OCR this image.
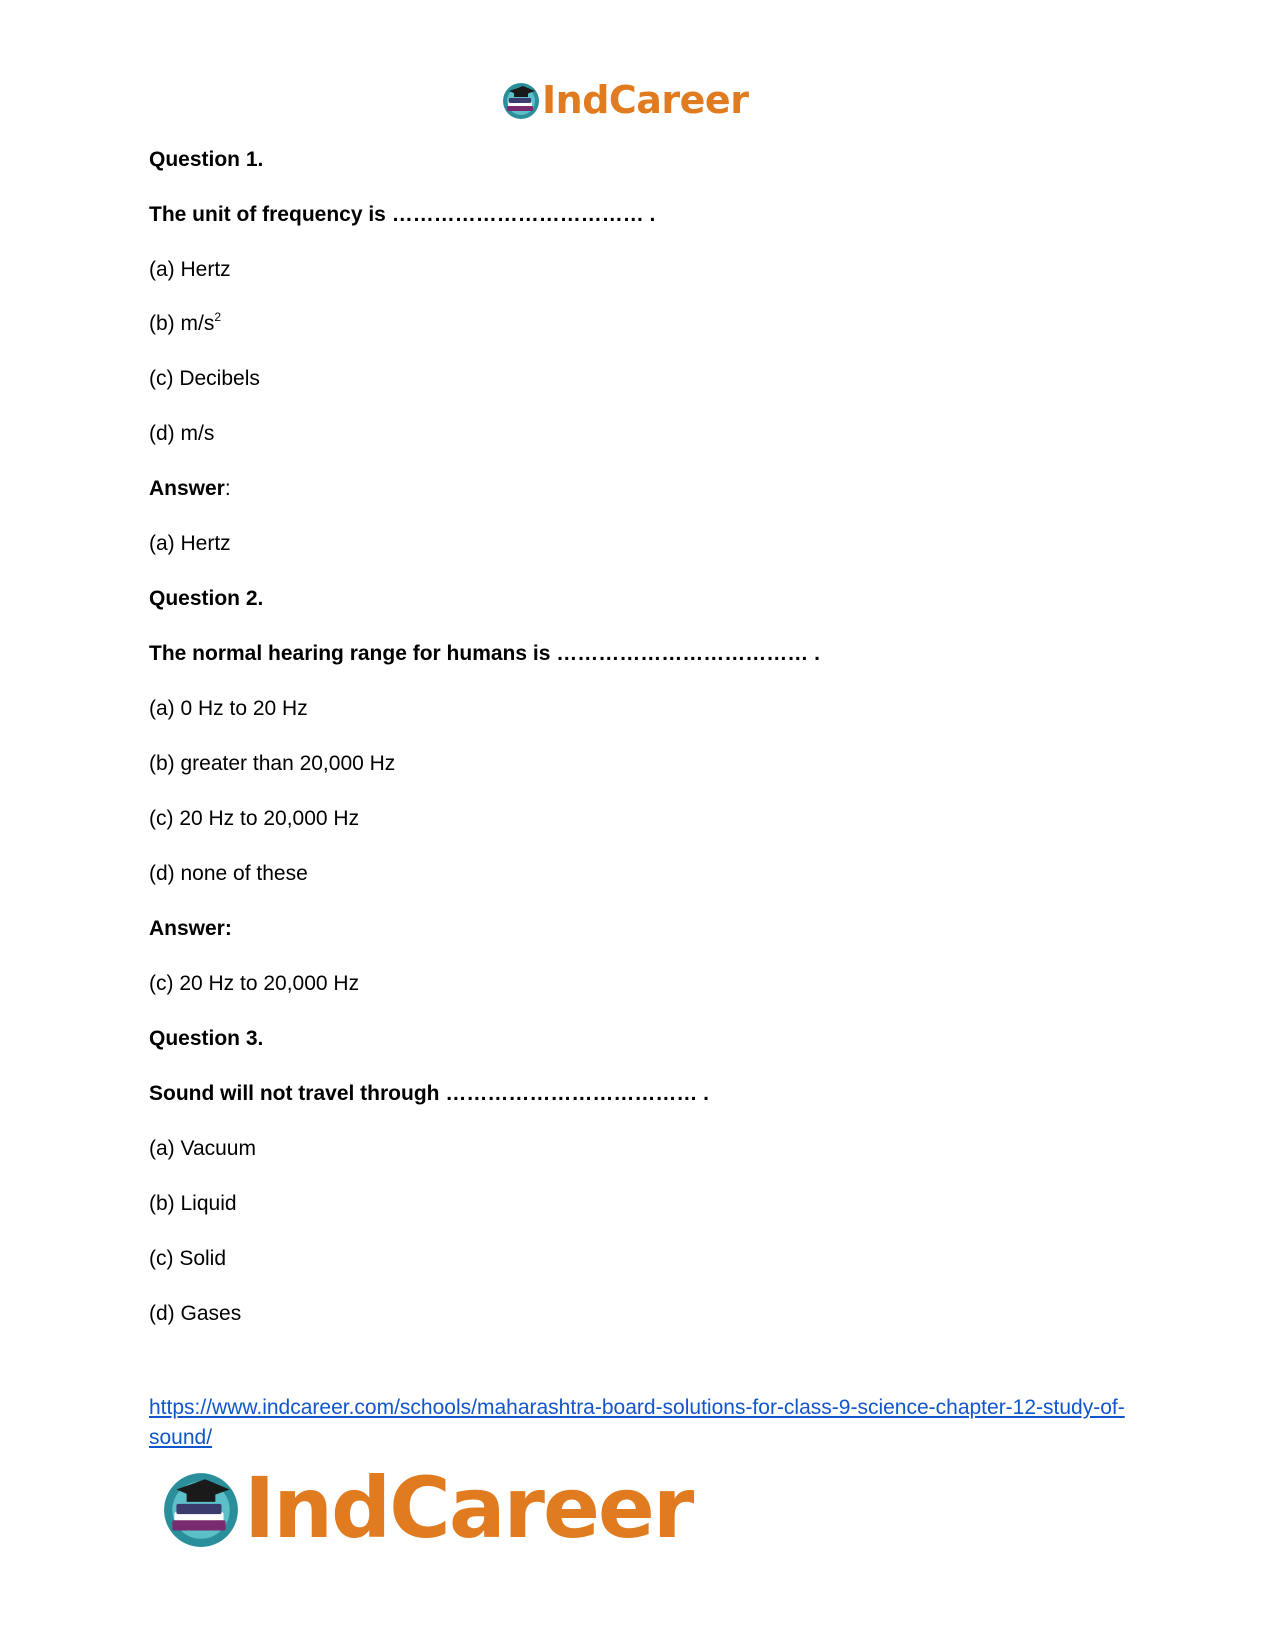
IndCareer
Question 1.
The unit of frequency is ……………………………… .
(a) Hertz
(b) $m/s^2$
(c) Decibels
(d) m/s
Answer:
(a) Hertz
Question 2.
The normal hearing range for humans is ……………………………… .
(a) 0 Hz to 20 Hz
(b) greater than 20,000 Hz
(c) 20 Hz to 20,000 Hz
(d) none of these
Answer:
(c) 20 Hz to 20,000 Hz
Question 3.
Sound will not travel through ……………………………… .
(a) Vacuum
(b) Liquid
(c) Solid
(d) Gases
https://www.indcareer.com/schools/maharashtra-board-solutions-for-class-9-science-chapter-12-study-of-sound/
IndCareer
